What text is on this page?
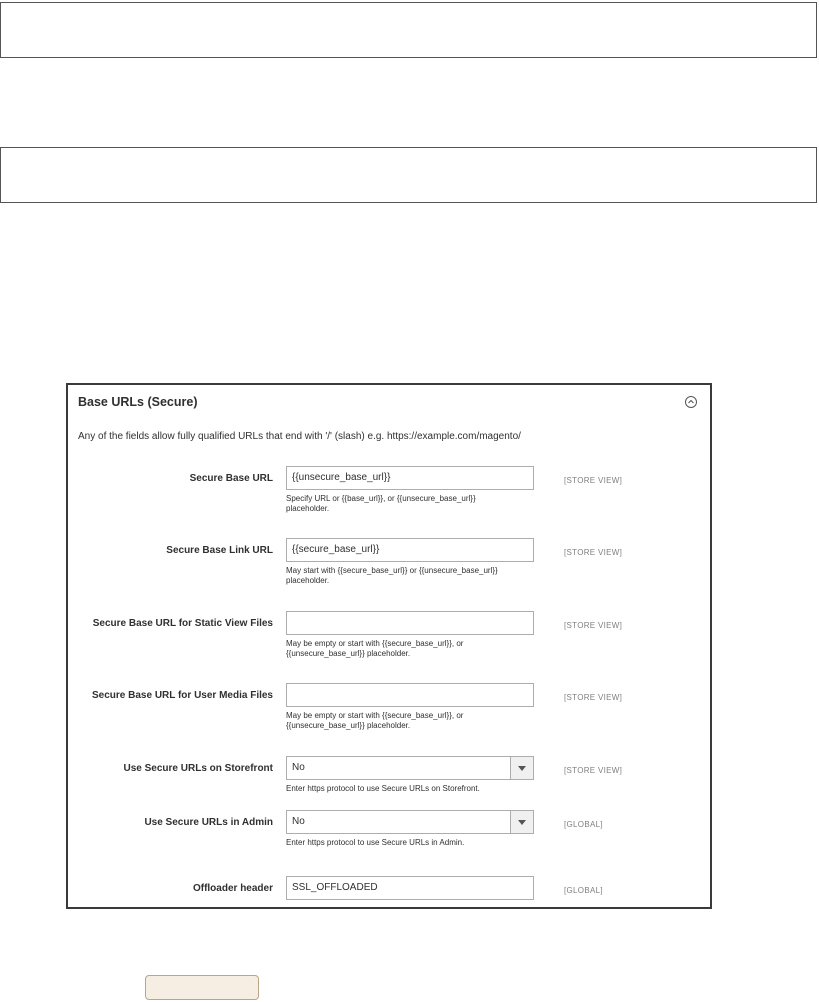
Base URLs (Secure)
Any of the fields allow fully qualified URLs that end with '/' (slash) e.g. https://example.com/magento/
Secure Base URL	{{unsecure_base_url}}
Specify URL or {{base_url}}, or {{unsecure_base_url}}
placeholder.
[STORE VIEW]
Secure Base Link URL	{{secure_base_url}}
May start with {{secure_base_url}} or {{unsecure_base_url}}
placeholder.
[STORE VIEW]
Secure Base URL for Static View Files
May be empty or start with {{secure_base_url}}, or
{{unsecure_base_url}} placeholder.
[STORE VIEW]
Secure Base URL for User Media Files
May be empty or start with {{secure_base_url}}, or
{{unsecure_base_url}} placeholder.
[STORE VIEW]
Use Secure URLs on Storefront	No
Enter https protocol to use Secure URLs on Storefront.
[STORE VIEW]
Use Secure URLs in Admin	No
Enter https protocol to use Secure URLs in Admin.
[GLOBAL]
Offloader header	SSL_OFFLOADED	[GLOBAL]
